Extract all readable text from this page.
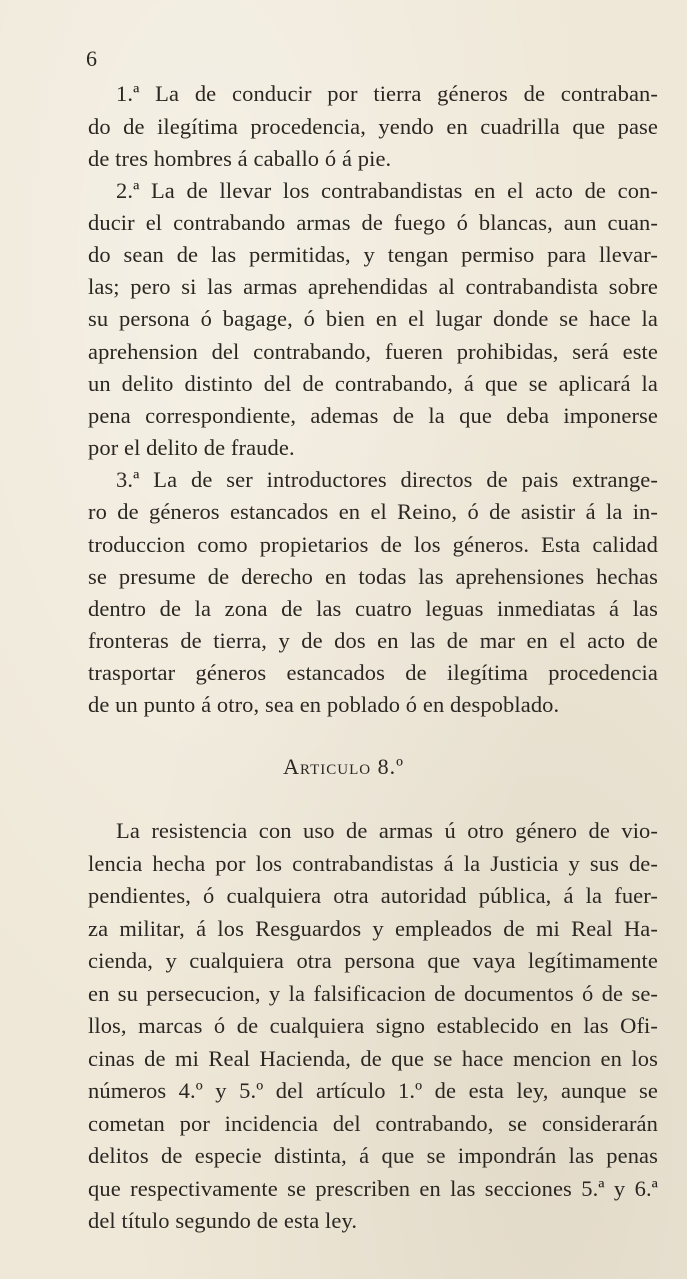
6
1.ª La de conducir por tierra géneros de contraban-
do de ilegítima procedencia, yendo en cuadrilla que pase
de tres hombres á caballo ó á pie.
2.ª La de llevar los contrabandistas en el acto de con-
ducir el contrabando armas de fuego ó blancas, aun cuan-
do sean de las permitidas, y tengan permiso para llevar-
las; pero si las armas aprehendidas al contrabandista sobre
su persona ó bagage, ó bien en el lugar donde se hace la
aprehension del contrabando, fueren prohibidas, será este
un delito distinto del de contrabando, á que se aplicará la
pena correspondiente, ademas de la que deba imponerse
por el delito de fraude.
3.ª La de ser introductores directos de pais extrange-
ro de géneros estancados en el Reino, ó de asistir á la in-
troduccion como propietarios de los géneros. Esta calidad
se presume de derecho en todas las aprehensiones hechas
dentro de la zona de las cuatro leguas inmediatas á las
fronteras de tierra, y de dos en las de mar en el acto de
trasportar géneros estancados de ilegítima procedencia
de un punto á otro, sea en poblado ó en despoblado.
Articulo 8.º
La resistencia con uso de armas ú otro género de vio-
lencia hecha por los contrabandistas á la Justicia y sus de-
pendientes, ó cualquiera otra autoridad pública, á la fuer-
za militar, á los Resguardos y empleados de mi Real Ha-
cienda, y cualquiera otra persona que vaya legítimamente
en su persecucion, y la falsificacion de documentos ó de se-
llos, marcas ó de cualquiera signo establecido en las Ofi-
cinas de mi Real Hacienda, de que se hace mencion en los
números 4.º y 5.º del artículo 1.º de esta ley, aunque se
cometan por incidencia del contrabando, se considerarán
delitos de especie distinta, á que se impondrán las penas
que respectivamente se prescriben en las secciones 5.ª y 6.ª
del título segundo de esta ley.
